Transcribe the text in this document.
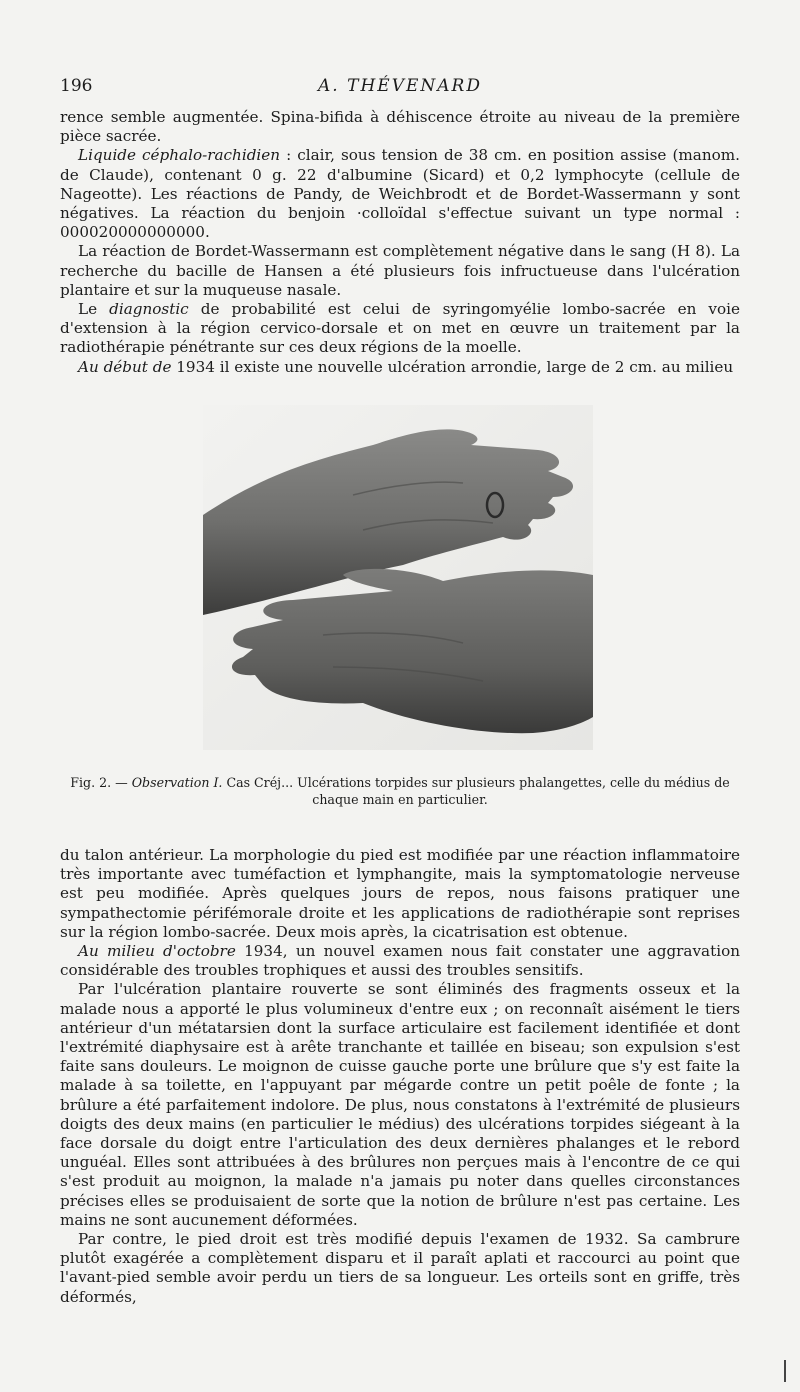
196	A. THÉVENARD

rence semble augmentée. Spina-bifida à déhiscence étroite au niveau de la première pièce sacrée.

Liquide céphalo-rachidien : clair, sous tension de 38 cm. en position assise (manom. de Claude), contenant 0 g. 22 d'albumine (Sicard) et 0,2 lymphocyte (cellule de Nageotte). Les réactions de Pandy, de Weichbrodt et de Bordet-Wassermann y sont négatives. La réaction du benjoin ·colloïdal s'effectue suivant un type normal : 000020000000000.

La réaction de Bordet-Wassermann est complètement négative dans le sang (H 8). La recherche du bacille de Hansen a été plusieurs fois infructueuse dans l'ulcération plantaire et sur la muqueuse nasale.

Le diagnostic de probabilité est celui de syringomyélie lombo-sacrée en voie d'extension à la région cervico-dorsale et on met en œuvre un traitement par la radiothérapie pénétrante sur ces deux régions de la moelle.

Au début de 1934 il existe une nouvelle ulcération arrondie, large de 2 cm. au milieu

Fig. 2. — Observation I. Cas Créj... Ulcérations torpides sur plusieurs phalangettes, celle du médius de chaque main en particulier.

du talon antérieur. La morphologie du pied est modifiée par une réaction inflammatoire très importante avec tuméfaction et lymphangite, mais la symptomatologie nerveuse est peu modifiée. Après quelques jours de repos, nous faisons pratiquer une sympathectomie périfémorale droite et les applications de radiothérapie sont reprises sur la région lombo-sacrée. Deux mois après, la cicatrisation est obtenue.

Au milieu d'octobre 1934, un nouvel examen nous fait constater une aggravation considérable des troubles trophiques et aussi des troubles sensitifs.

Par l'ulcération plantaire rouverte se sont éliminés des fragments osseux et la malade nous a apporté le plus volumineux d'entre eux ; on reconnaît aisément le tiers antérieur d'un métatarsien dont la surface articulaire est facilement identifiée et dont l'extrémité diaphysaire est à arête tranchante et taillée en biseau; son expulsion s'est faite sans douleurs. Le moignon de cuisse gauche porte une brûlure que s'y est faite la malade à sa toilette, en l'appuyant par mégarde contre un petit poêle de fonte ; la brûlure a été parfaitement indolore. De plus, nous constatons à l'extrémité de plusieurs doigts des deux mains (en particulier le médius) des ulcérations torpides siégeant à la face dorsale du doigt entre l'articulation des deux dernières phalanges et le rebord unguéal. Elles sont attribuées à des brûlures non perçues mais à l'encontre de ce qui s'est produit au moignon, la malade n'a jamais pu noter dans quelles circonstances précises elles se produisaient de sorte que la notion de brûlure n'est pas certaine. Les mains ne sont aucunement déformées.

Par contre, le pied droit est très modifié depuis l'examen de 1932. Sa cambrure plutôt exagérée a complètement disparu et il paraît aplati et raccourci au point que l'avant-pied semble avoir perdu un tiers de sa longueur. Les orteils sont en griffe, très déformés,
